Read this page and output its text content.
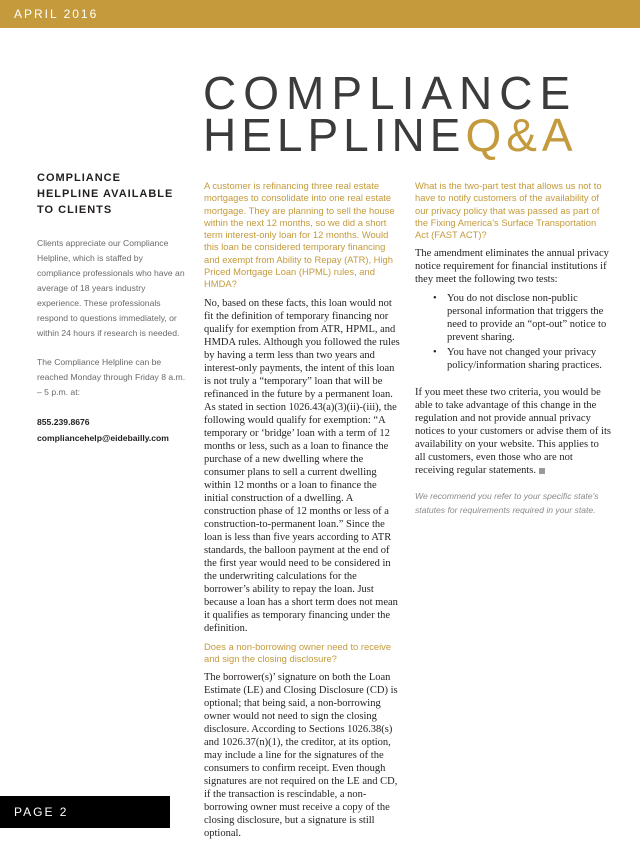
APRIL 2016
COMPLIANCE
HELPLINEQ&A

COMPLIANCE HELPLINE AVAILABLE TO CLIENTS

Clients appreciate our Compliance Helpline, which is staffed by compliance professionals who have an average of 18 years industry experience. These professionals respond to questions immediately, or within 24 hours if research is needed.

The Compliance Helpline can be reached Monday through Friday 8 a.m. – 5 p.m. at:

855.239.8676

compliancehelp@eidebailly.com

A customer is refinancing three real estate mortgages to consolidate into one real estate mortgage. They are planning to sell the house within the next 12 months, so we did a short term interest-only loan for 12 months. Would this loan be considered temporary financing and exempt from Ability to Repay (ATR), High Priced Mortgage Loan (HPML) rules, and HMDA?

No, based on these facts, this loan would not fit the definition of temporary financing nor qualify for exemption from ATR, HPML, and HMDA rules. Although you followed the rules by having a term less than two years and interest-only payments, the intent of this loan is not truly a “temporary” loan that will be refinanced in the future by a permanent loan. As stated in section 1026.43(a)(3)(ii)-(iii), the following would qualify for exemption: “A temporary or ‘bridge’ loan with a term of 12 months or less, such as a loan to finance the purchase of a new dwelling where the consumer plans to sell a current dwelling within 12 months or a loan to finance the initial construction of a dwelling. A construction phase of 12 months or less of a construction-to-permanent loan.” Since the loan is less than five years according to ATR standards, the balloon payment at the end of the first year would need to be considered in the underwriting calculations for the borrower’s ability to repay the loan. Just because a loan has a short term does not mean it qualifies as temporary financing under the definition.

Does a non-borrowing owner need to receive and sign the closing disclosure?

The borrower(s)’ signature on both the Loan Estimate (LE) and Closing Disclosure (CD) is optional; that being said, a non-borrowing owner would not need to sign the closing disclosure. According to Sections 1026.38(s) and 1026.37(n)(1), the creditor, at its option, may include a line for the signatures of the consumers to confirm receipt. Even though signatures are not required on the LE and CD, if the transaction is rescindable, a non-borrowing owner must receive a copy of the closing disclosure, but a signature is still optional.

What is the two-part test that allows us not to have to notify customers of the availability of our privacy policy that was passed as part of the Fixing America’s Surface Transportation Act (FAST ACT)?

The amendment eliminates the annual privacy notice requirement for financial institutions if they meet the following two tests:

• You do not disclose non-public personal information that triggers the need to provide an “opt-out” notice to prevent sharing.
• You have not changed your privacy policy/information sharing practices.

If you meet these two criteria, you would be able to take advantage of this change in the regulation and not provide annual privacy notices to your customers or advise them of its availability on your website. This applies to all customers, even those who are not receiving regular statements.

We recommend you refer to your specific state’s statutes for requirements required in your state.

PAGE 2
